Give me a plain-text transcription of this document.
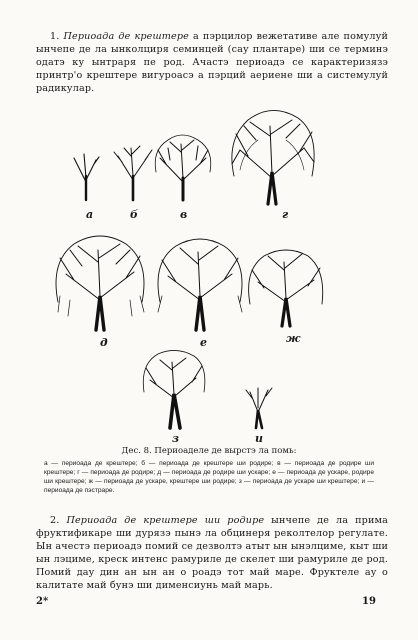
1. Периоада де крештере а пэрцилор вежетативе але помулуй ынчепе де ла ынколциря семинцей (сау плантаре) ши се терминэ одатэ ку ынтраря пе род. Ачастэ периоадэ се карактеризязэ принтр'о крештере вигуроасэ а пэрций аериене ши а системулуй радикулар.
а	б	в	г
д	е	ж
з	и
Дес. 8. Периоаделе де вырстэ ла помь:
а — периоада де крештере; б — периоада де крештере ши родире; в — периоада де родире ши крештере; г — периоада де родире; д — периоада де родире ши ускаре; е — периоада де ускаре, родире ши крештере; ж — периоада де ускаре, крештере ши родире; з — периоада де ускаре ши крештере; и — периоада де пэстраре.
2. Периоада де крештере ши родире ынчепе де ла прима фруктификаре ши дурязэ пынэ ла обцинеря реколтелор регулате. Ын ачестэ периоадэ помий се дезволтэ атыт ын ынэлциме, кыт ши ын лэциме, креск интенс рамуриле де скелет ши рамуриле де род. Помий дау дин ан ын ан о роадэ тот май маре. Фруктеле ау о калитате май бунэ ши дименсиунь май марь.
2*	19
